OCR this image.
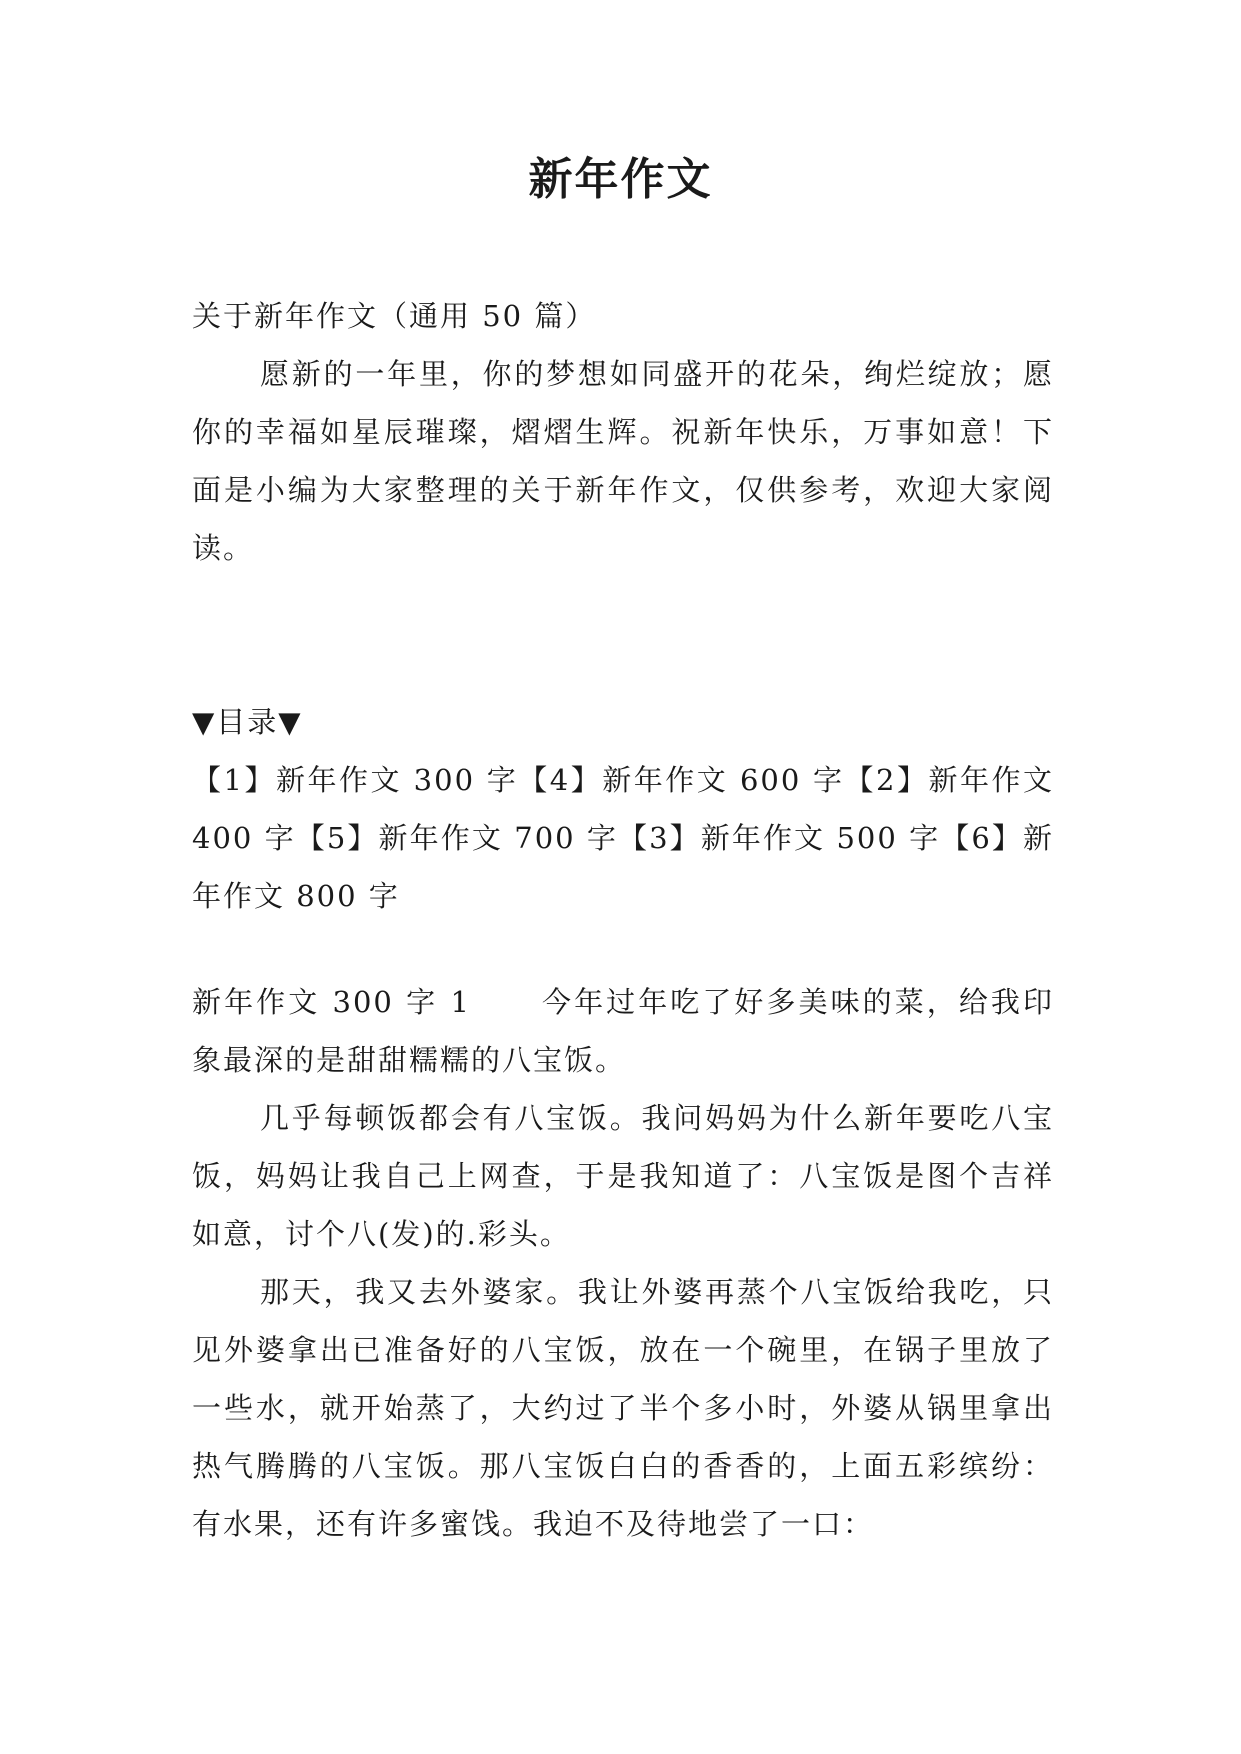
新年作文

关于新年作文（通用 50 篇）

愿新的一年里，你的梦想如同盛开的花朵，绚烂绽放；愿你的幸福如星辰璀璨，熠熠生辉。祝新年快乐，万事如意！下面是小编为大家整理的关于新年作文，仅供参考，欢迎大家阅读。

▼目录▼

【1】新年作文 300 字【4】新年作文 600 字【2】新年作文 400 字【5】新年作文 700 字【3】新年作文 500 字【6】新年作文 800 字

新年作文 300 字 1 今年过年吃了好多美味的菜，给我印象最深的是甜甜糯糯的八宝饭。

几乎每顿饭都会有八宝饭。我问妈妈为什么新年要吃八宝饭，妈妈让我自己上网查，于是我知道了：八宝饭是图个吉祥如意，讨个八(发)的.彩头。

那天，我又去外婆家。我让外婆再蒸个八宝饭给我吃，只见外婆拿出已准备好的八宝饭，放在一个碗里，在锅子里放了一些水，就开始蒸了，大约过了半个多小时，外婆从锅里拿出热气腾腾的八宝饭。那八宝饭白白的香香的，上面五彩缤纷：有水果，还有许多蜜饯。我迫不及待地尝了一口：
